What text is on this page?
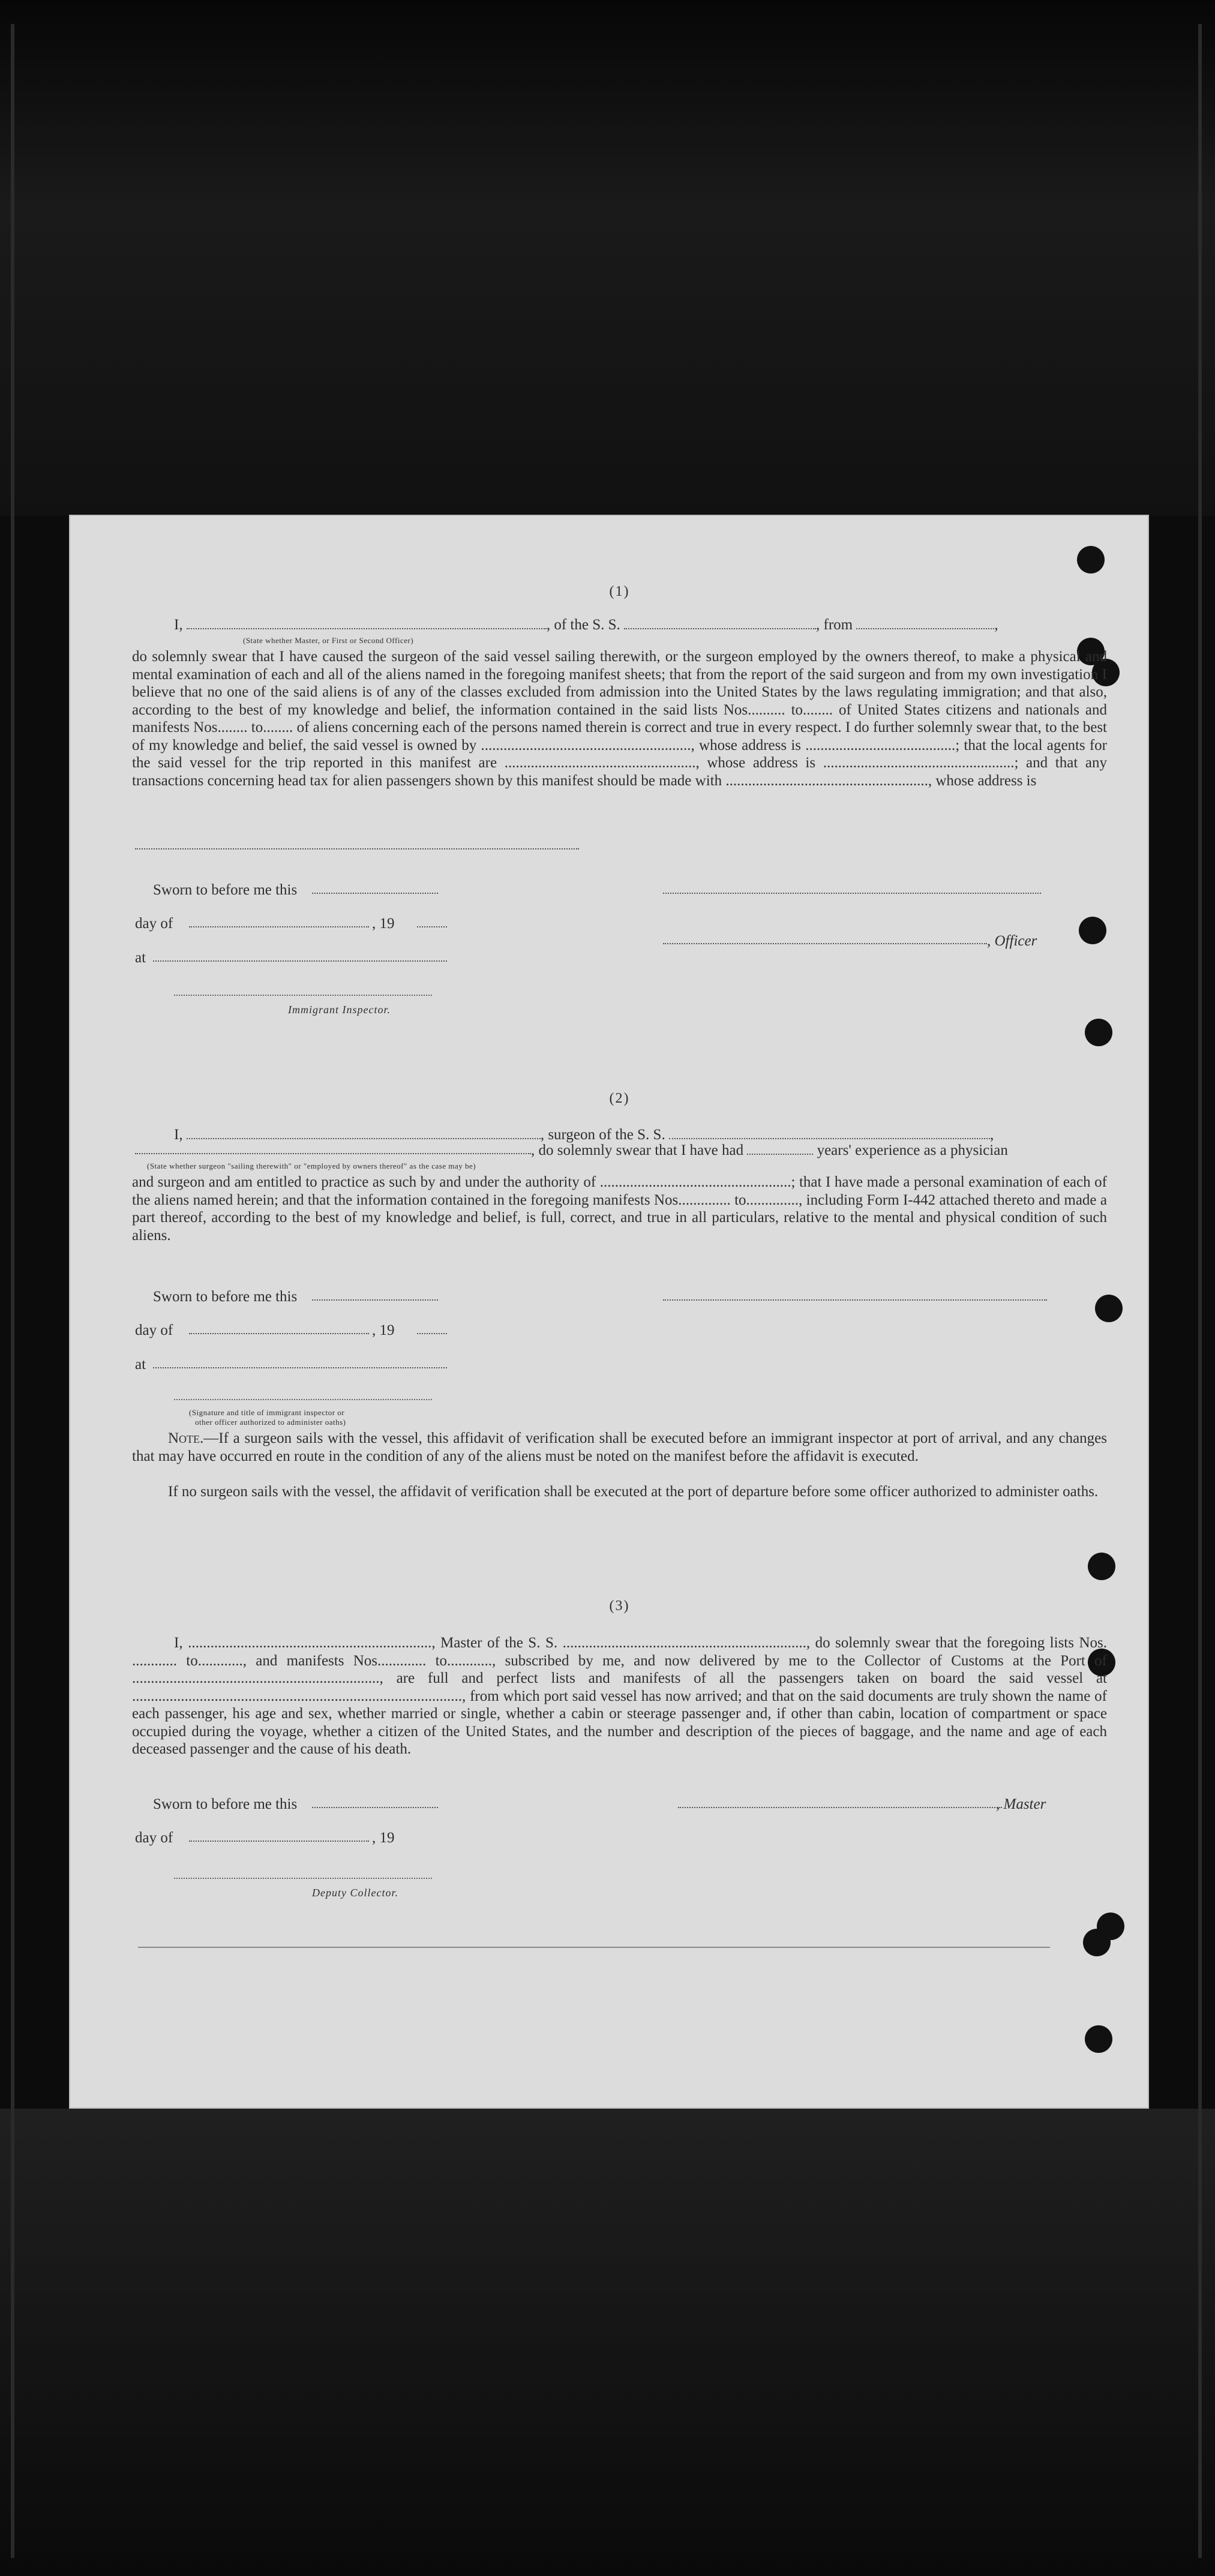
(1)
I,	, of the S. S.	, from	,
(State whether Master, or First or Second Officer)
do solemnly swear that I have caused the surgeon of the said vessel sailing therewith, or the surgeon employed by the owners thereof, to make a physical and mental examination of each and all of the aliens named in the foregoing manifest sheets; that from the report of the said surgeon and from my own investigation I believe that no one of the said aliens is of any of the classes excluded from admission into the United States by the laws regulating immigration; and that also, according to the best of my knowledge and belief, the information contained in the said lists Nos.......... to........ of United States citizens and nationals and manifests Nos........ to........ of aliens concerning each of the persons named therein is correct and true in every respect. I do further solemnly swear that, to the best of my knowledge and belief, the said vessel is owned by ........................................................, whose address is ........................................; that the local agents for the said vessel for the trip reported in this manifest are ..................................................., whose address is ...................................................; and that any transactions concerning head tax for alien passengers shown by this manifest should be made with ......................................................, whose address is
Sworn to before me this
day of	, 19
, Officer
at
Immigrant Inspector.
(2)
I,	, surgeon of the S. S.	,
, do solemnly swear that I have had	years' experience as a physician
(State whether surgeon "sailing therewith" or "employed by owners thereof" as the case may be)
and surgeon and am entitled to practice as such by and under the authority of ...................................................; that I have made a personal examination of each of the aliens named herein; and that the information contained in the foregoing manifests Nos.............. to.............., including Form I-442 attached thereto and made a part thereof, according to the best of my knowledge and belief, is full, correct, and true in all particulars, relative to the mental and physical condition of such aliens.
Sworn to before me this
day of	, 19
at
(Signature and title of immigrant inspector or
other officer authorized to administer oaths)
Note.—If a surgeon sails with the vessel, this affidavit of verification shall be executed before an immigrant inspector at port of arrival, and any changes that may have occurred en route in the condition of any of the aliens must be noted on the manifest before the affidavit is executed.
If no surgeon sails with the vessel, the affidavit of verification shall be executed at the port of departure before some officer authorized to administer oaths.
(3)
I, ................................................................., Master of the S. S. ................................................................., do solemnly swear that the foregoing lists Nos. ............ to............, and manifests Nos............. to............, subscribed by me, and now delivered by me to the Collector of Customs at the Port of .................................................................., are full and perfect lists and manifests of all the passengers taken on board the said vessel at ........................................................................................, from which port said vessel has now arrived; and that on the said documents are truly shown the name of each passenger, his age and sex, whether married or single, whether a cabin or steerage passenger and, if other than cabin, location of compartment or space occupied during the voyage, whether a citizen of the United States, and the number and description of the pieces of baggage, and the name and age of each deceased passenger and the cause of his death.
Sworn to before me this	, Master
day of	, 19
Deputy Collector.
